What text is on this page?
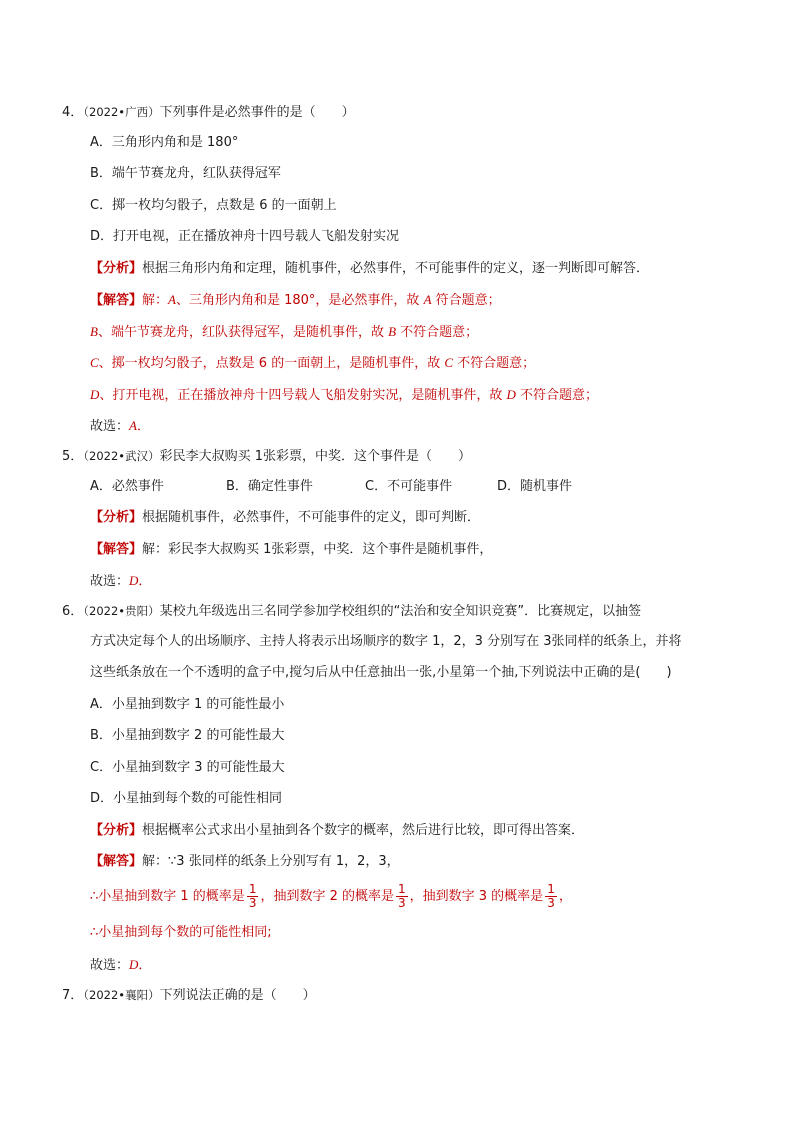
4．（2022•广西）下列事件是必然事件的是（　　）
A．三角形内角和是 180°
B．端午节赛龙舟，红队获得冠军
C．掷一枚均匀骰子，点数是 6 的一面朝上
D．打开电视，正在播放神舟十四号载人飞船发射实况
【分析】根据三角形内角和定理，随机事件，必然事件，不可能事件的定义，逐一判断即可解答．
【解答】解：A、三角形内角和是 180°，是必然事件，故 A 符合题意；
B、端午节赛龙舟，红队获得冠军，是随机事件，故 B 不符合题意；
C、掷一枚均匀骰子，点数是 6 的一面朝上，是随机事件，故 C 不符合题意；
D、打开电视，正在播放神舟十四号载人飞船发射实况，是随机事件，故 D 不符合题意；
故选：A．
5．（2022•武汉）彩民李大叔购买 1张彩票，中奖．这个事件是（　　）
A．必然事件	B．确定性事件	C．不可能事件	D．随机事件
【分析】根据随机事件，必然事件，不可能事件的定义，即可判断．
【解答】解：彩民李大叔购买 1张彩票，中奖．这个事件是随机事件，
故选：D．
6．（2022•贵阳）某校九年级选出三名同学参加学校组织的“法治和安全知识竞赛”．比赛规定，以抽签
方式决定每个人的出场顺序、主持人将表示出场顺序的数字 1，2，3 分别写在 3张同样的纸条上，并将
这些纸条放在一个不透明的盒子中,搅匀后从中任意抽出一张,小星第一个抽,下列说法中正确的是(　　)
A．小星抽到数字 1 的可能性最小
B．小星抽到数字 2 的可能性最大
C．小星抽到数字 3 的可能性最大
D．小星抽到每个数的可能性相同
【分析】根据概率公式求出小星抽到各个数字的概率，然后进行比较，即可得出答案．
【解答】解：∵3 张同样的纸条上分别写有 1，2，3，
∴小星抽到数字 1 的概率是 $\frac{1}{3}$ ，抽到数字 2 的概率是 $\frac{1}{3}$ ，抽到数字 3 的概率是 $\frac{1}{3}$ ，
∴小星抽到每个数的可能性相同;
故选：D．
7．（2022•襄阳）下列说法正确的是（　　）
